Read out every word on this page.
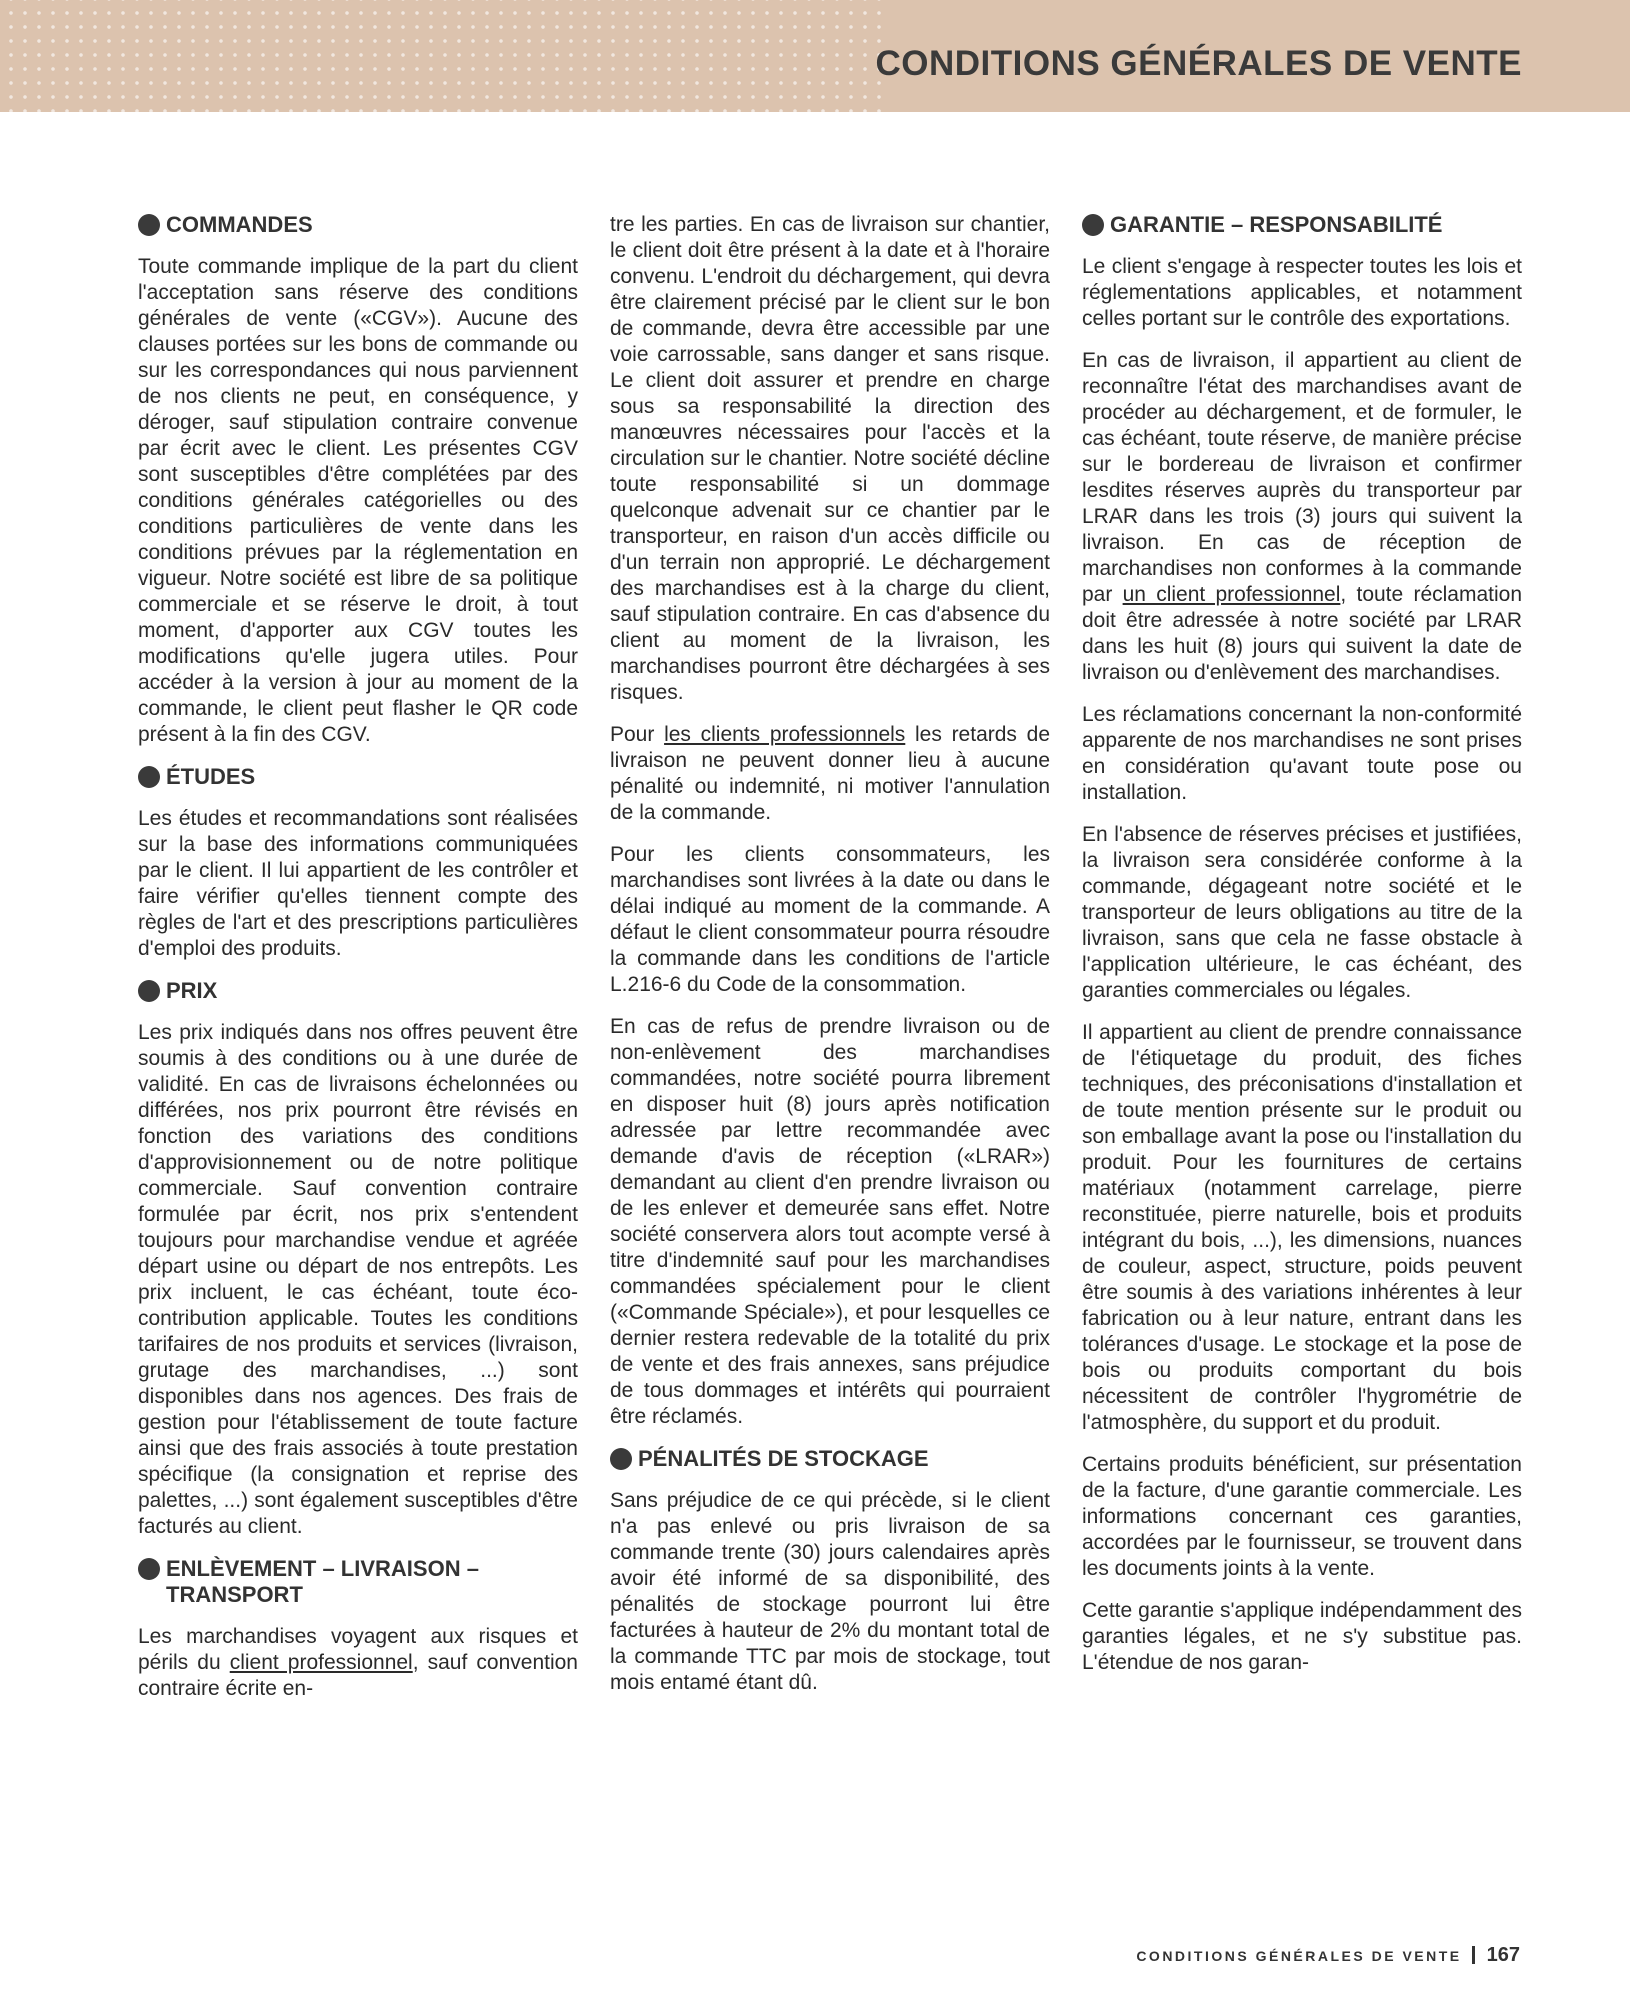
CONDITIONS GÉNÉRALES DE VENTE
COMMANDES

Toute commande implique de la part du client l'acceptation sans réserve des conditions générales de vente («CGV»). Aucune des clauses portées sur les bons de commande ou sur les correspondances qui nous parviennent de nos clients ne peut, en conséquence, y déroger, sauf stipulation contraire convenue par écrit avec le client. Les présentes CGV sont susceptibles d'être complétées par des conditions générales catégorielles ou des conditions particulières de vente dans les conditions prévues par la réglementation en vigueur. Notre société est libre de sa politique commerciale et se réserve le droit, à tout moment, d'apporter aux CGV toutes les modifications qu'elle jugera utiles. Pour accéder à la version à jour au moment de la commande, le client peut flasher le QR code présent à la fin des CGV.

ÉTUDES

Les études et recommandations sont réalisées sur la base des informations communiquées par le client. Il lui appartient de les contrôler et faire vérifier qu'elles tiennent compte des règles de l'art et des prescriptions particulières d'emploi des produits.

PRIX

Les prix indiqués dans nos offres peuvent être soumis à des conditions ou à une durée de validité. En cas de livraisons échelonnées ou différées, nos prix pourront être révisés en fonction des variations des conditions d'approvisionnement ou de notre politique commerciale. Sauf convention contraire formulée par écrit, nos prix s'entendent toujours pour marchandise vendue et agréée départ usine ou départ de nos entrepôts. Les prix incluent, le cas échéant, toute éco-contribution applicable. Toutes les conditions tarifaires de nos produits et services (livraison, grutage des marchandises, ...) sont disponibles dans nos agences. Des frais de gestion pour l'établissement de toute facture ainsi que des frais associés à toute prestation spécifique (la consignation et reprise des palettes, ...) sont également susceptibles d'être facturés au client.

ENLÈVEMENT – LIVRAISON – TRANSPORT

Les marchandises voyagent aux risques et périls du client professionnel, sauf convention contraire écrite en-

tre les parties. En cas de livraison sur chantier, le client doit être présent à la date et à l'horaire convenu. L'endroit du déchargement, qui devra être clairement précisé par le client sur le bon de commande, devra être accessible par une voie carrossable, sans danger et sans risque. Le client doit assurer et prendre en charge sous sa responsabilité la direction des manœuvres nécessaires pour l'accès et la circulation sur le chantier. Notre société décline toute responsabilité si un dommage quelconque advenait sur ce chantier par le transporteur, en raison d'un accès difficile ou d'un terrain non approprié. Le déchargement des marchandises est à la charge du client, sauf stipulation contraire. En cas d'absence du client au moment de la livraison, les marchandises pourront être déchargées à ses risques.

Pour les clients professionnels les retards de livraison ne peuvent donner lieu à aucune pénalité ou indemnité, ni motiver l'annulation de la commande.

Pour les clients consommateurs, les marchandises sont livrées à la date ou dans le délai indiqué au moment de la commande. A défaut le client consommateur pourra résoudre la commande dans les conditions de l'article L.216-6 du Code de la consommation.

En cas de refus de prendre livraison ou de non-enlèvement des marchandises commandées, notre société pourra librement en disposer huit (8) jours après notification adressée par lettre recommandée avec demande d'avis de réception («LRAR») demandant au client d'en prendre livraison ou de les enlever et demeurée sans effet. Notre société conservera alors tout acompte versé à titre d'indemnité sauf pour les marchandises commandées spécialement pour le client («Commande Spéciale»), et pour lesquelles ce dernier restera redevable de la totalité du prix de vente et des frais annexes, sans préjudice de tous dommages et intérêts qui pourraient être réclamés.

PÉNALITÉS DE STOCKAGE

Sans préjudice de ce qui précède, si le client n'a pas enlevé ou pris livraison de sa commande trente (30) jours calendaires après avoir été informé de sa disponibilité, des pénalités de stockage pourront lui être facturées à hauteur de 2% du montant total de la commande TTC par mois de stockage, tout mois entamé étant dû.

GARANTIE – RESPONSABILITÉ

Le client s'engage à respecter toutes les lois et réglementations applicables, et notamment celles portant sur le contrôle des exportations.

En cas de livraison, il appartient au client de reconnaître l'état des marchandises avant de procéder au déchargement, et de formuler, le cas échéant, toute réserve, de manière précise sur le bordereau de livraison et confirmer lesdites réserves auprès du transporteur par LRAR dans les trois (3) jours qui suivent la livraison. En cas de réception de marchandises non conformes à la commande par un client professionnel, toute réclamation doit être adressée à notre société par LRAR dans les huit (8) jours qui suivent la date de livraison ou d'enlèvement des marchandises.

Les réclamations concernant la non-conformité apparente de nos marchandises ne sont prises en considération qu'avant toute pose ou installation.

En l'absence de réserves précises et justifiées, la livraison sera considérée conforme à la commande, dégageant notre société et le transporteur de leurs obligations au titre de la livraison, sans que cela ne fasse obstacle à l'application ultérieure, le cas échéant, des garanties commerciales ou légales.

Il appartient au client de prendre connaissance de l'étiquetage du produit, des fiches techniques, des préconisations d'installation et de toute mention présente sur le produit ou son emballage avant la pose ou l'installation du produit. Pour les fournitures de certains matériaux (notamment carrelage, pierre reconstituée, pierre naturelle, bois et produits intégrant du bois, ...), les dimensions, nuances de couleur, aspect, structure, poids peuvent être soumis à des variations inhérentes à leur fabrication ou à leur nature, entrant dans les tolérances d'usage. Le stockage et la pose de bois ou produits comportant du bois nécessitent de contrôler l'hygrométrie de l'atmosphère, du support et du produit.

Certains produits bénéficient, sur présentation de la facture, d'une garantie commerciale. Les informations concernant ces garanties, accordées par le fournisseur, se trouvent dans les documents joints à la vente.

Cette garantie s'applique indépendamment des garanties légales, et ne s'y substitue pas. L'étendue de nos garan-

CONDITIONS GÉNÉRALES DE VENTE 167
